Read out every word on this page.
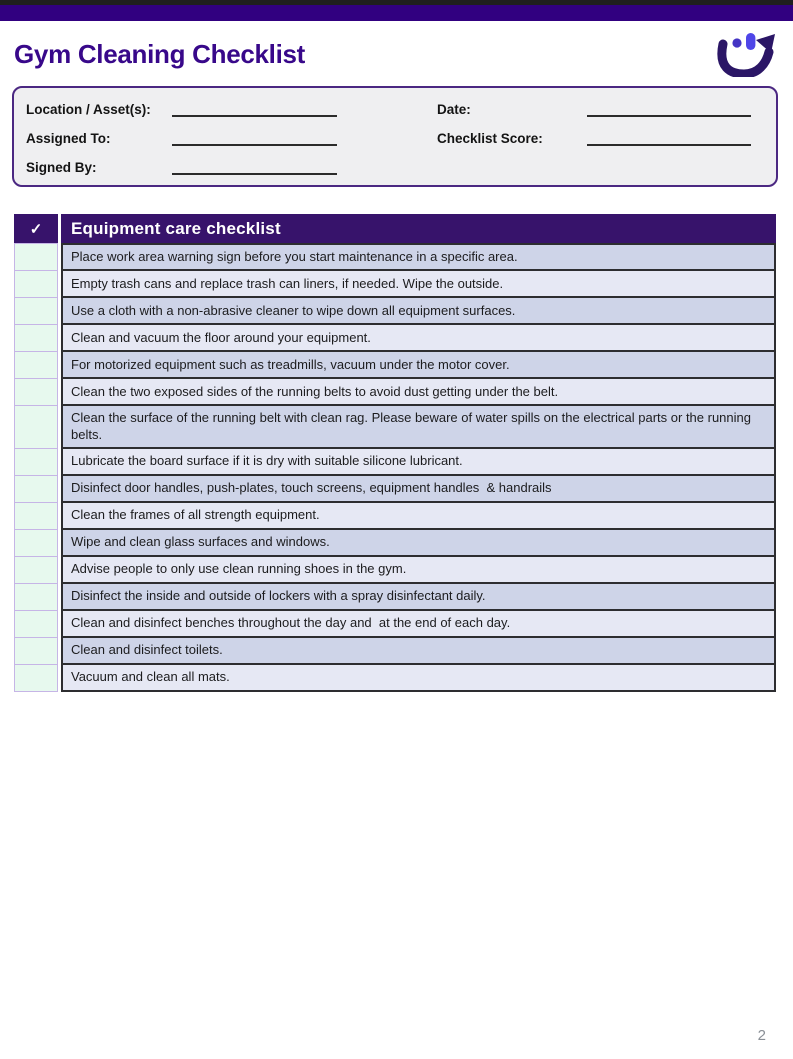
Gym Cleaning Checklist
Location / Asset(s):	Date:
Assigned To:	Checklist Score:
Signed By:
✓	Equipment care checklist
Place work area warning sign before you start maintenance in a specific area.
Empty trash cans and replace trash can liners, if needed. Wipe the outside.
Use a cloth with a non-abrasive cleaner to wipe down all equipment surfaces.
Clean and vacuum the floor around your equipment.
For motorized equipment such as treadmills, vacuum under the motor cover.
Clean the two exposed sides of the running belts to avoid dust getting under the belt.
Clean the surface of the running belt with clean rag. Please beware of water spills on the electrical parts or the running belts.
Lubricate the board surface if it is dry with suitable silicone lubricant.
Disinfect door handles, push-plates, touch screens, equipment handles  & handrails
Clean the frames of all strength equipment.
Wipe and clean glass surfaces and windows.
Advise people to only use clean running shoes in the gym.
Disinfect the inside and outside of lockers with a spray disinfectant daily.
Clean and disinfect benches throughout the day and  at the end of each day.
Clean and disinfect toilets.
Vacuum and clean all mats.
2
